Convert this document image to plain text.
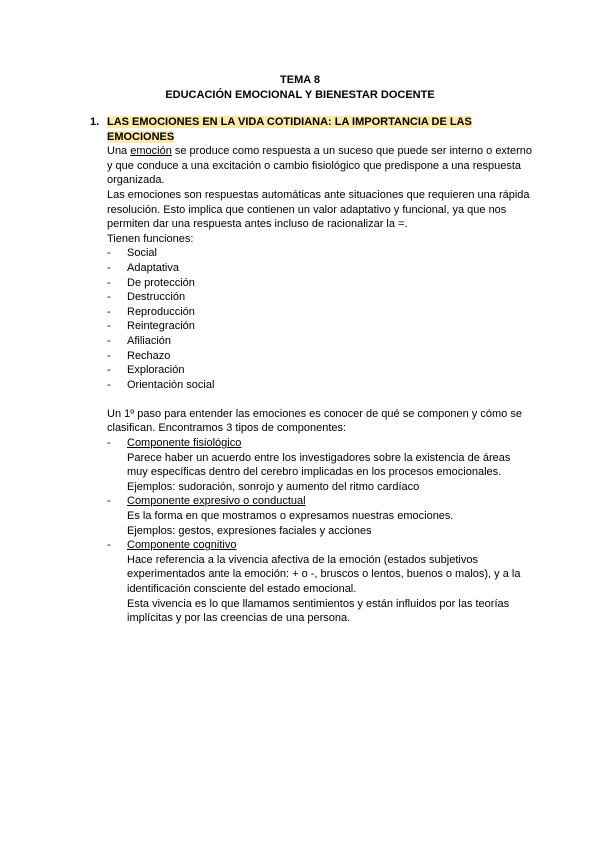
TEMA 8
EDUCACIÓN EMOCIONAL Y BIENESTAR DOCENTE
1. LAS EMOCIONES EN LA VIDA COTIDIANA: LA IMPORTANCIA DE LAS EMOCIONES

Una emoción se produce como respuesta a un suceso que puede ser interno o externo y que conduce a una excitación o cambio fisiológico que predispone a una respuesta organizada.

Las emociones son respuestas automáticas ante situaciones que requieren una rápida resolución. Esto implica que contienen un valor adaptativo y funcional, ya que nos permiten dar una respuesta antes incluso de racionalizar la =.

Tienen funciones:

-	Social
-	Adaptativa
-	De protección
-	Destrucción
-	Reproducción
-	Reintegración
-	Afiliación
-	Rechazo
-	Exploración
-	Orientación social

Un 1º paso para entender las emociones es conocer de qué se componen y cómo se clasifican. Encontramos 3 tipos de componentes:

-	Componente fisiológico

Parece haber un acuerdo entre los investigadores sobre la existencia de áreas muy específicas dentro del cerebro implicadas en los procesos emocionales.

Ejemplos: sudoración, sonrojo y aumento del ritmo cardíaco

-	Componente expresivo o conductual

Es la forma en que mostramos o expresamos nuestras emociones.

Ejemplos: gestos, expresiones faciales y acciones

-	Componente cognitivo

Hace referencia a la vivencia afectiva de la emoción (estados subjetivos experimentados ante la emoción: + o -, bruscos o lentos, buenos o malos), y a la identificación consciente del estado emocional.

Esta vivencia es lo que llamamos sentimientos y están influidos por las teorías implícitas y por las creencias de una persona.
